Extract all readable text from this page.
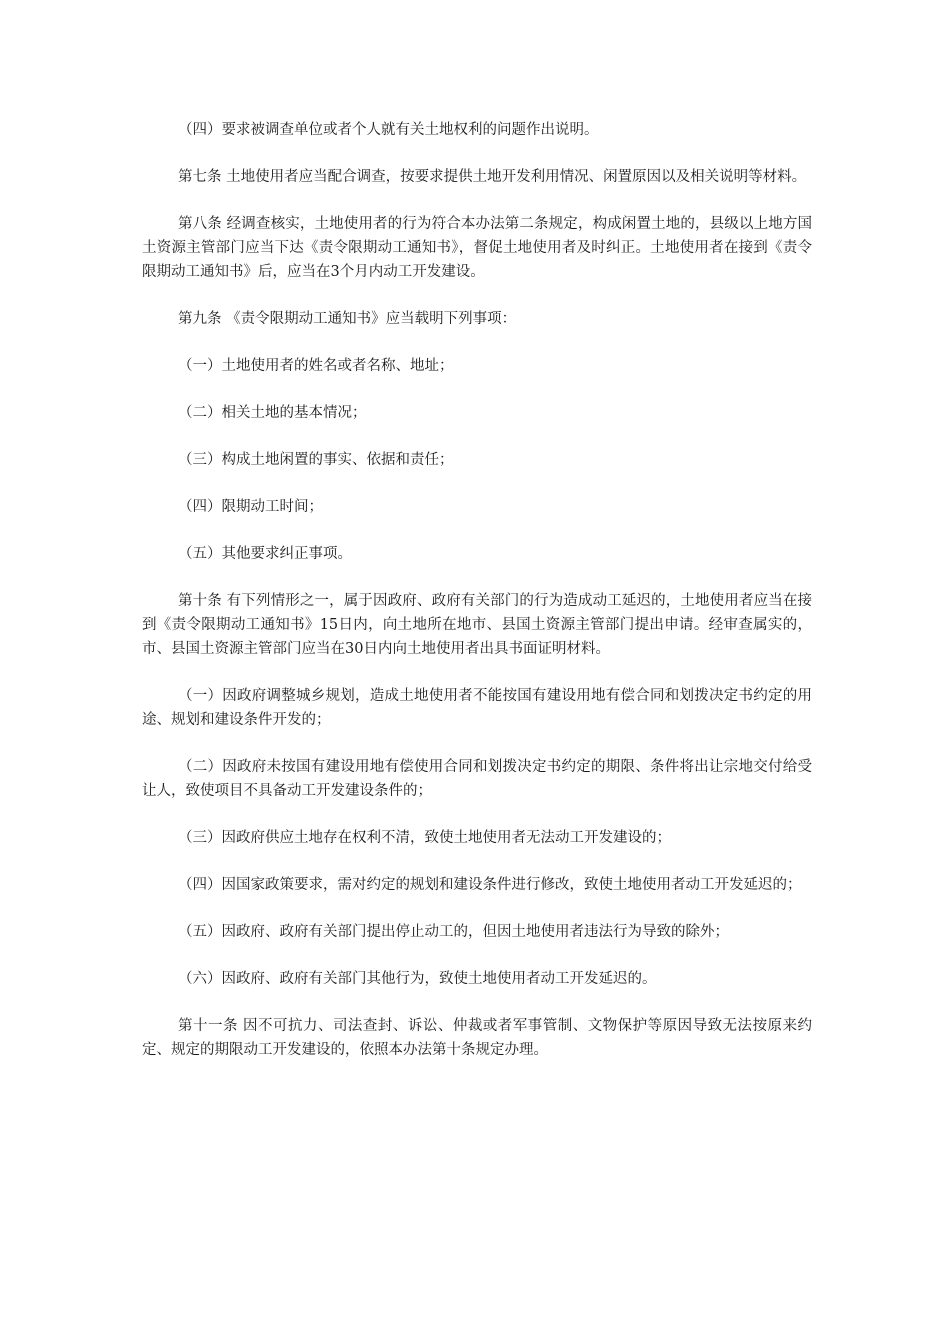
（四）要求被调查单位或者个人就有关土地权利的问题作出说明。

第七条 土地使用者应当配合调查，按要求提供土地开发利用情况、闲置原因以及相关说明等材料。

第八条 经调查核实，土地使用者的行为符合本办法第二条规定，构成闲置土地的，县级以上地方国土资源主管部门应当下达《责令限期动工通知书》，督促土地使用者及时纠正。土地使用者在接到《责令限期动工通知书》后，应当在3个月内动工开发建设。

第九条 《责令限期动工通知书》应当载明下列事项：

（一）土地使用者的姓名或者名称、地址；

（二）相关土地的基本情况；

（三）构成土地闲置的事实、依据和责任；

（四）限期动工时间；

（五）其他要求纠正事项。

第十条 有下列情形之一，属于因政府、政府有关部门的行为造成动工延迟的，土地使用者应当在接到《责令限期动工通知书》15日内，向土地所在地市、县国土资源主管部门提出申请。经审查属实的，市、县国土资源主管部门应当在30日内向土地使用者出具书面证明材料。

（一）因政府调整城乡规划，造成土地使用者不能按国有建设用地有偿合同和划拨决定书约定的用途、规划和建设条件开发的；

（二）因政府未按国有建设用地有偿使用合同和划拨决定书约定的期限、条件将出让宗地交付给受让人，致使项目不具备动工开发建设条件的；

（三）因政府供应土地存在权利不清，致使土地使用者无法动工开发建设的；

（四）因国家政策要求，需对约定的规划和建设条件进行修改，致使土地使用者动工开发延迟的；

（五）因政府、政府有关部门提出停止动工的，但因土地使用者违法行为导致的除外；

（六）因政府、政府有关部门其他行为，致使土地使用者动工开发延迟的。

第十一条 因不可抗力、司法查封、诉讼、仲裁或者军事管制、文物保护等原因导致无法按原来约定、规定的期限动工开发建设的，依照本办法第十条规定办理。
